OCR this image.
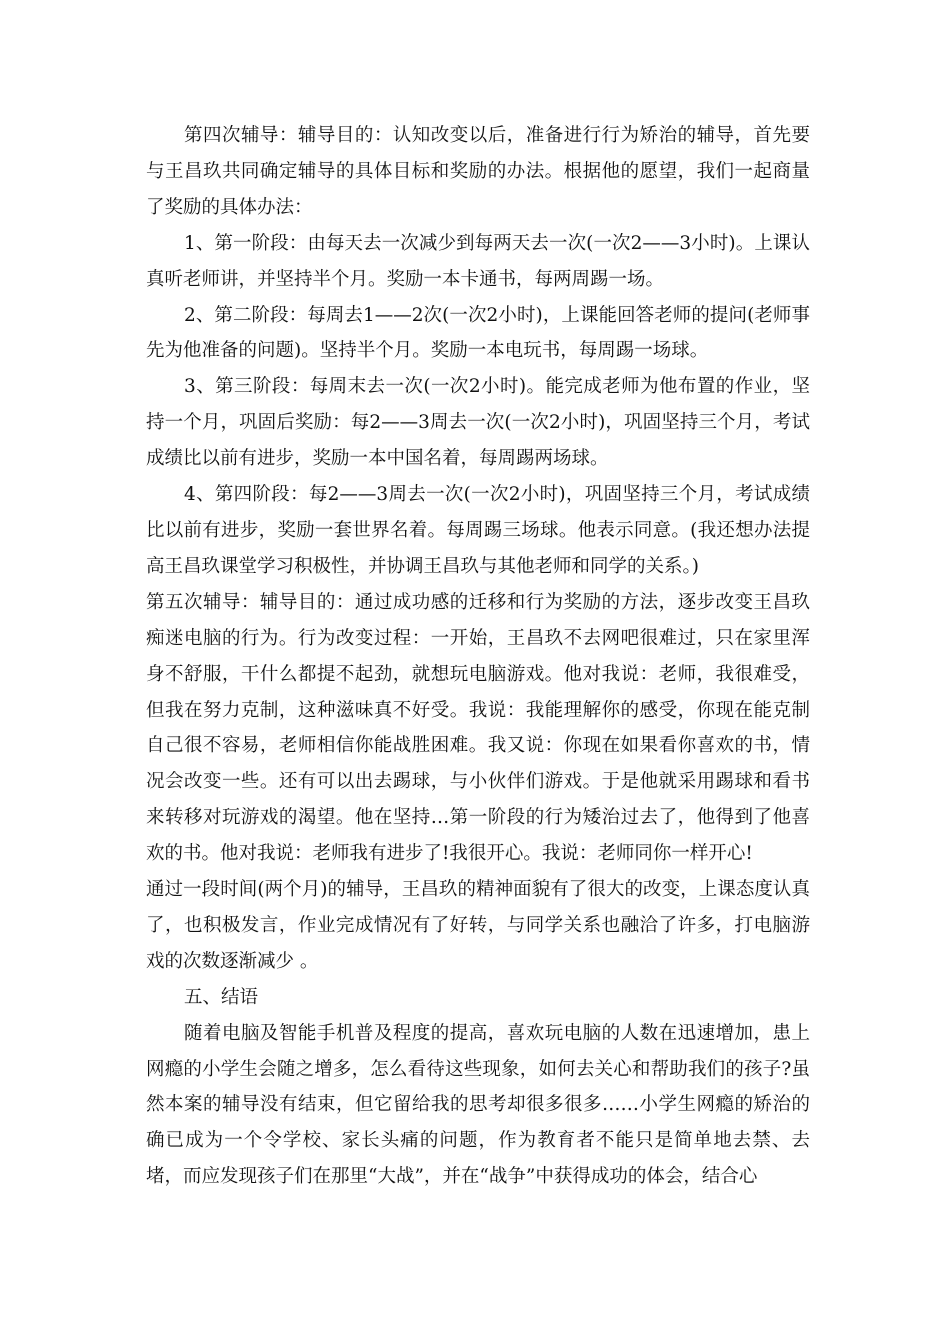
第四次辅导：辅导目的：认知改变以后，准备进行行为矫治的辅导，首先要与王昌玖共同确定辅导的具体目标和奖励的办法。根据他的愿望，我们一起商量了奖励的具体办法：

1、第一阶段：由每天去一次减少到每两天去一次(一次2——3小时)。上课认真听老师讲，并坚持半个月。奖励一本卡通书，每两周踢一场。

2、第二阶段：每周去1——2次(一次2小时)，上课能回答老师的提问(老师事先为他准备的问题)。坚持半个月。奖励一本电玩书，每周踢一场球。

3、第三阶段：每周末去一次(一次2小时)。能完成老师为他布置的作业，坚持一个月，巩固后奖励：每2——3周去一次(一次2小时)，巩固坚持三个月，考试成绩比以前有进步，奖励一本中国名着，每周踢两场球。

4、第四阶段：每2——3周去一次(一次2小时)，巩固坚持三个月，考试成绩比以前有进步，奖励一套世界名着。每周踢三场球。他表示同意。(我还想办法提高王昌玖课堂学习积极性，并协调王昌玖与其他老师和同学的关系。)

第五次辅导：辅导目的：通过成功感的迁移和行为奖励的方法，逐步改变王昌玖痴迷电脑的行为。行为改变过程：一开始，王昌玖不去网吧很难过，只在家里浑身不舒服，干什么都提不起劲，就想玩电脑游戏。他对我说：老师，我很难受，但我在努力克制，这种滋味真不好受。我说：我能理解你的感受，你现在能克制自己很不容易，老师相信你能战胜困难。我又说：你现在如果看你喜欢的书，情况会改变一些。还有可以出去踢球，与小伙伴们游戏。于是他就采用踢球和看书来转移对玩游戏的渴望。他在坚持…第一阶段的行为矮治过去了，他得到了他喜欢的书。他对我说：老师我有进步了!我很开心。我说：老师同你一样开心!

通过一段时间(两个月)的辅导，王昌玖的精神面貌有了很大的改变，上课态度认真了，也积极发言，作业完成情况有了好转，与同学关系也融洽了许多，打电脑游戏的次数逐渐减少 。

五、结语

随着电脑及智能手机普及程度的提高，喜欢玩电脑的人数在迅速增加，患上网瘾的小学生会随之增多，怎么看待这些现象，如何去关心和帮助我们的孩子?虽然本案的辅导没有结束，但它留给我的思考却很多很多……小学生网瘾的矫治的确已成为一个令学校、家长头痛的问题，作为教育者不能只是简单地去禁、去堵，而应发现孩子们在那里“大战”，并在“战争”中获得成功的体会，结合心
